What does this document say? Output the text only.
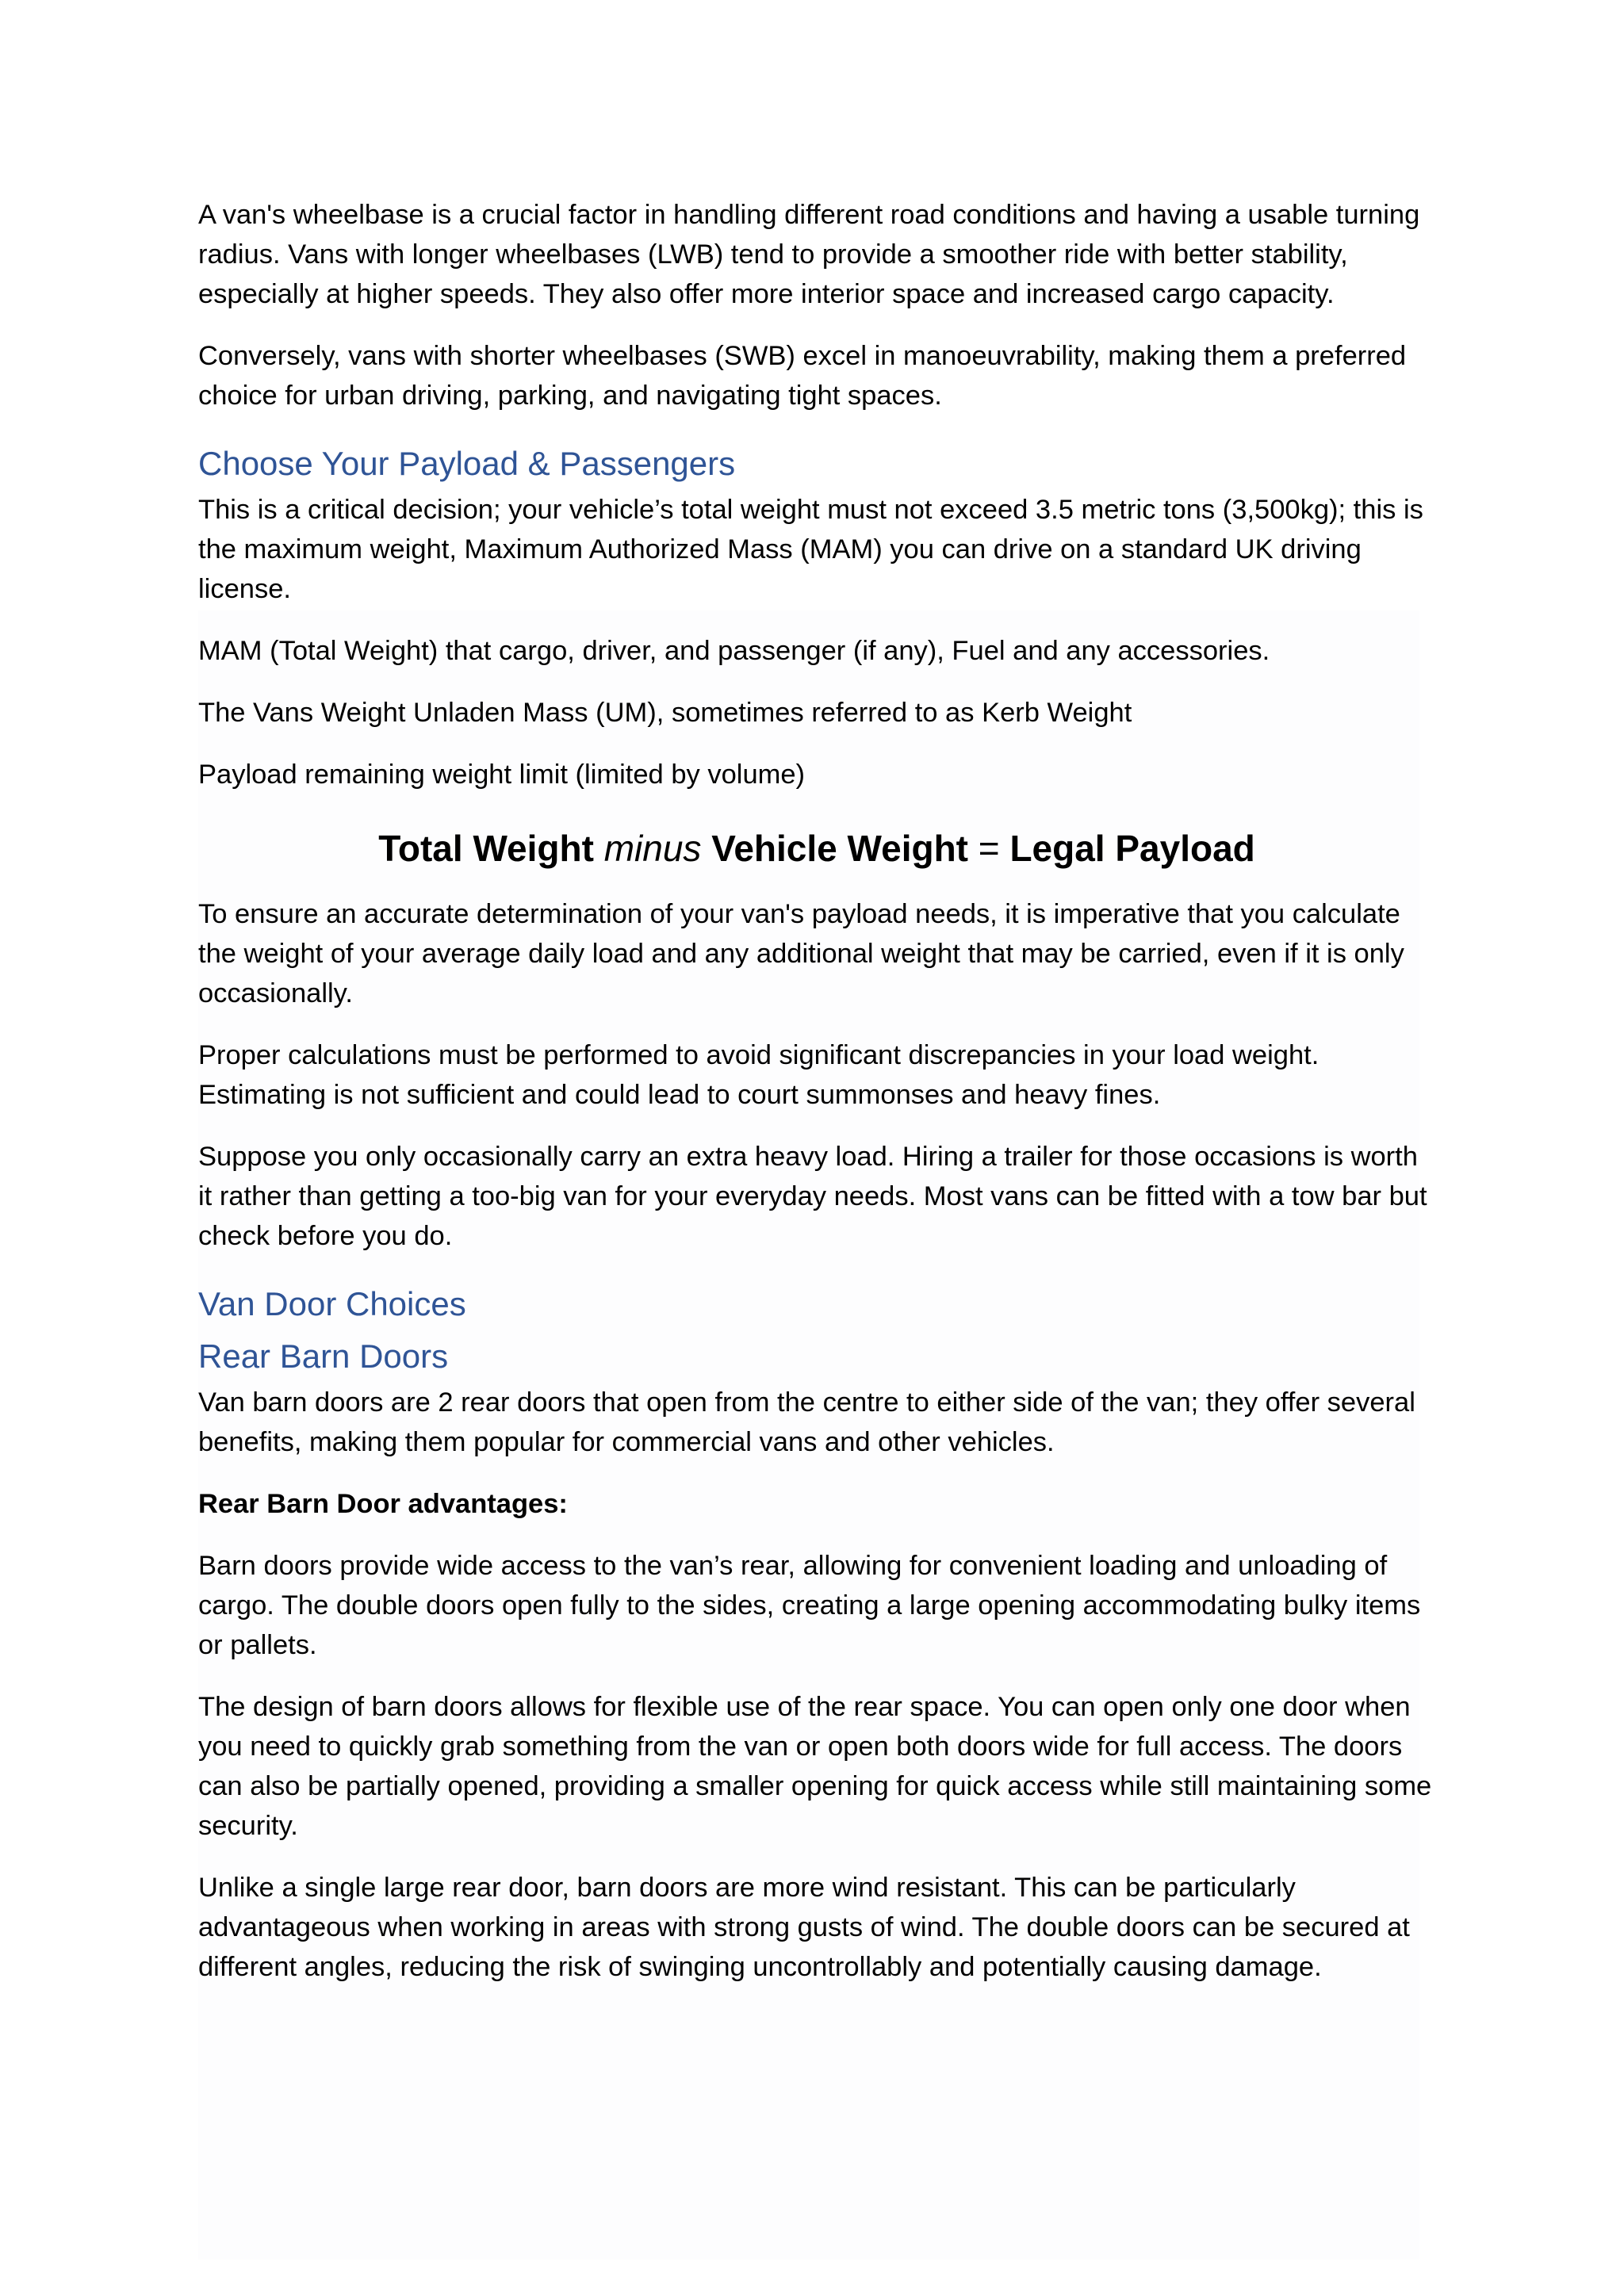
A van's wheelbase is a crucial factor in handling different road conditions and having a usable turning radius. Vans with longer wheelbases (LWB) tend to provide a smoother ride with better stability, especially at higher speeds. They also offer more interior space and increased cargo capacity.

Conversely, vans with shorter wheelbases (SWB) excel in manoeuvrability, making them a preferred choice for urban driving, parking, and navigating tight spaces.

Choose Your Payload & Passengers

This is a critical decision; your vehicle’s total weight must not exceed 3.5 metric tons (3,500kg); this is the maximum weight, Maximum Authorized Mass (MAM) you can drive on a standard UK driving license.

MAM (Total Weight) that cargo, driver, and passenger (if any), Fuel and any accessories.

The Vans Weight Unladen Mass (UM), sometimes referred to as Kerb Weight

Payload remaining weight limit (limited by volume)

Total Weight minus Vehicle Weight = Legal Payload

To ensure an accurate determination of your van's payload needs, it is imperative that you calculate the weight of your average daily load and any additional weight that may be carried, even if it is only occasionally.

Proper calculations must be performed to avoid significant discrepancies in your load weight. Estimating is not sufficient and could lead to court summonses and heavy fines.

Suppose you only occasionally carry an extra heavy load. Hiring a trailer for those occasions is worth it rather than getting a too-big van for your everyday needs. Most vans can be fitted with a tow bar but check before you do.

Van Door Choices
Rear Barn Doors

Van barn doors are 2 rear doors that open from the centre to either side of the van; they offer several benefits, making them popular for commercial vans and other vehicles.

Rear Barn Door advantages:

Barn doors provide wide access to the van’s rear, allowing for convenient loading and unloading of cargo. The double doors open fully to the sides, creating a large opening accommodating bulky items or pallets.

The design of barn doors allows for flexible use of the rear space. You can open only one door when you need to quickly grab something from the van or open both doors wide for full access. The doors can also be partially opened, providing a smaller opening for quick access while still maintaining some security.

Unlike a single large rear door, barn doors are more wind resistant. This can be particularly advantageous when working in areas with strong gusts of wind. The double doors can be secured at different angles, reducing the risk of swinging uncontrollably and potentially causing damage.
